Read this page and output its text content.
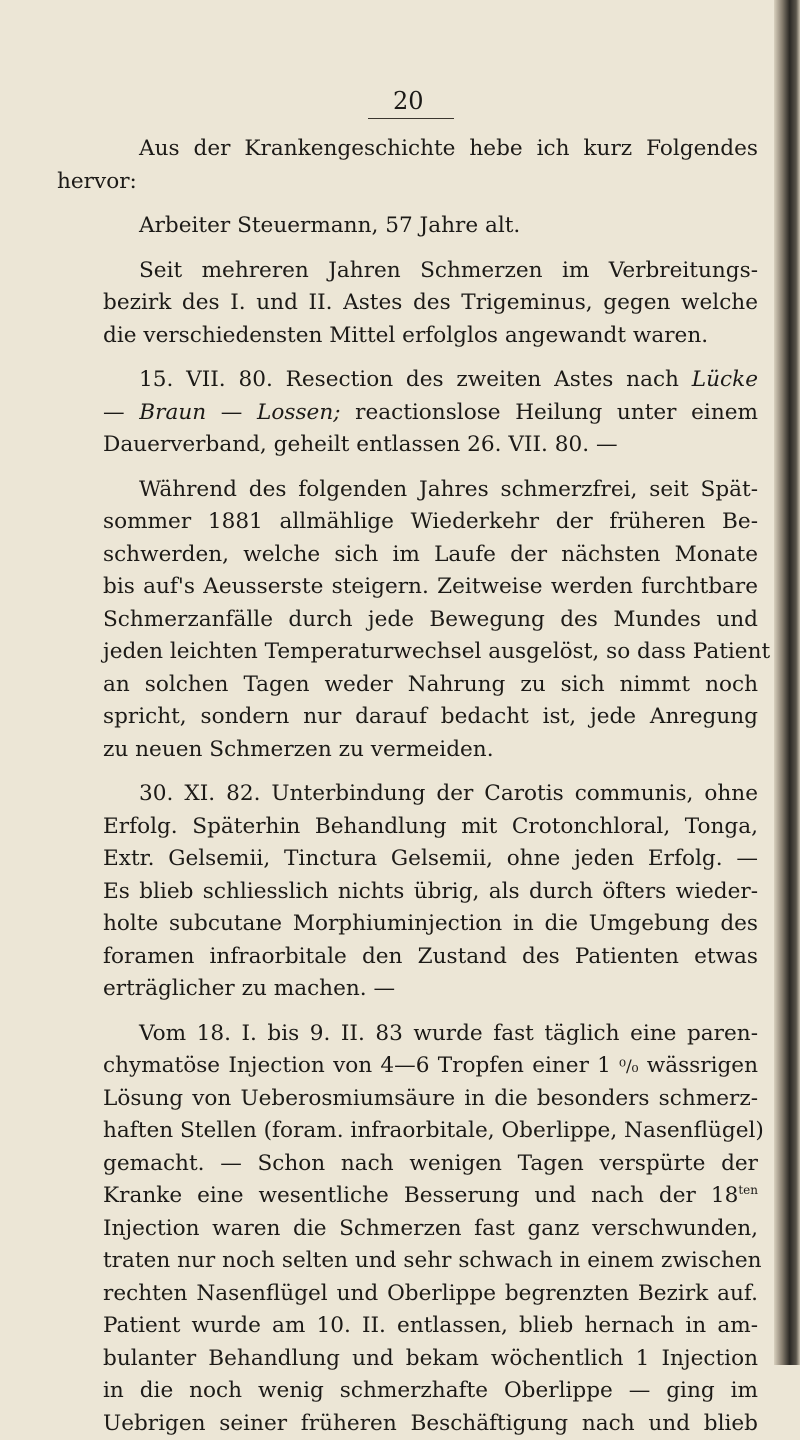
20
Aus der Krankengeschichte hebe ich kurz Folgendes
hervor:
Arbeiter Steuermann, 57 Jahre alt.
Seit mehreren Jahren Schmerzen im Verbreitungs-
bezirk des I. und II. Astes des Trigeminus, gegen welche
die verschiedensten Mittel erfolglos angewandt waren.
15. VII. 80. Resection des zweiten Astes nach Lücke
— Braun — Lossen; reactionslose Heilung unter einem
Dauerverband, geheilt entlassen 26. VII. 80. —
Während des folgenden Jahres schmerzfrei, seit Spät-
sommer 1881 allmählige Wiederkehr der früheren Be-
schwerden, welche sich im Laufe der nächsten Monate
bis auf's Aeusserste steigern. Zeitweise werden furchtbare
Schmerzanfälle durch jede Bewegung des Mundes und
jeden leichten Temperaturwechsel ausgelöst, so dass Patient
an solchen Tagen weder Nahrung zu sich nimmt noch
spricht, sondern nur darauf bedacht ist, jede Anregung
zu neuen Schmerzen zu vermeiden.
30. XI. 82. Unterbindung der Carotis communis, ohne
Erfolg. Späterhin Behandlung mit Crotonchloral, Tonga,
Extr. Gelsemii, Tinctura Gelsemii, ohne jeden Erfolg. —
Es blieb schliesslich nichts übrig, als durch öfters wieder-
holte subcutane Morphiuminjection in die Umgebung des
foramen infraorbitale den Zustand des Patienten etwas
erträglicher zu machen. —
Vom 18. I. bis 9. II. 83 wurde fast täglich eine paren-
chymatöse Injection von 4—6 Tropfen einer 1 ⁰/₀ wässrigen
Lösung von Ueberosmiumsäure in die besonders schmerz-
haften Stellen (foram. infraorbitale, Oberlippe, Nasenflügel)
gemacht. — Schon nach wenigen Tagen verspürte der
Kranke eine wesentliche Besserung und nach der $18^{ten}$
Injection waren die Schmerzen fast ganz verschwunden,
traten nur noch selten und sehr schwach in einem zwischen
rechten Nasenflügel und Oberlippe begrenzten Bezirk auf.
Patient wurde am 10. II. entlassen, blieb hernach in am-
bulanter Behandlung und bekam wöchentlich 1 Injection
in die noch wenig schmerzhafte Oberlippe — ging im
Uebrigen seiner früheren Beschäftigung nach und blieb
